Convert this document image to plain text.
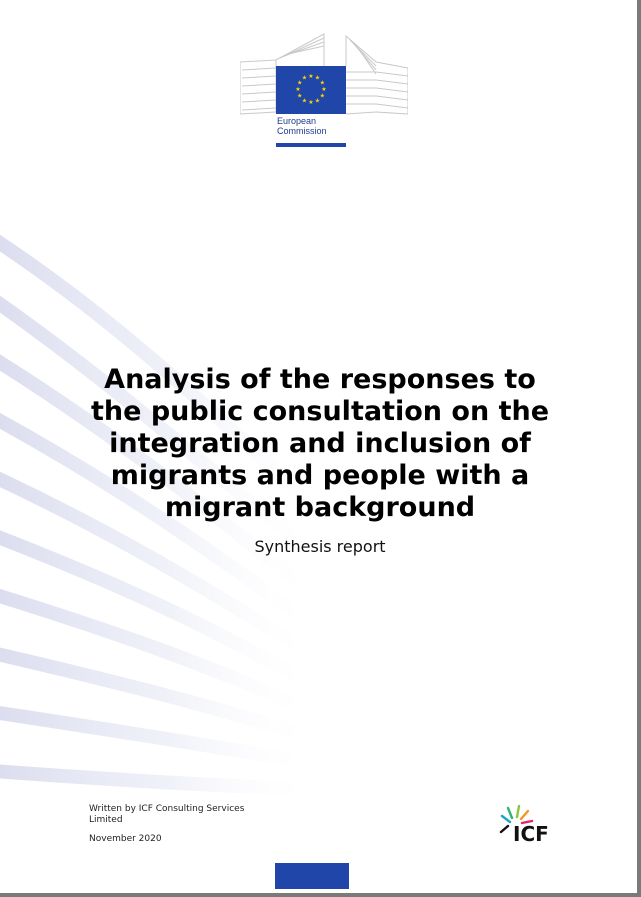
★ ★
★
★
★
★
★
★
★
★
★
★
European
Commission
Analysis of the responses to
the public consultation on the
integration and inclusion of
migrants and people with a
migrant background
Synthesis report
Written by ICF Consulting Services
Limited
November 2020	ICF
